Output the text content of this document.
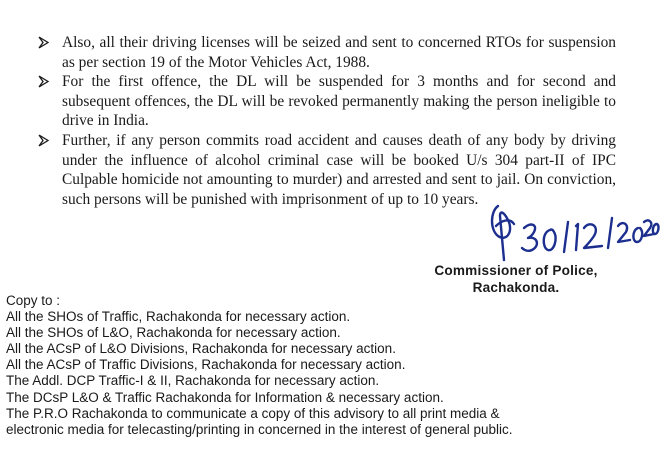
Also, all their driving licenses will be seized and sent to concerned RTOs for suspension as per section 19 of the Motor Vehicles Act, 1988.

For the first offence, the DL will be suspended for 3 months and for second and subsequent offences, the DL will be revoked permanently making the person ineligible to drive in India.

Further, if any person commits road accident and causes death of any body by driving under the influence of alcohol criminal case will be booked U/s 304 part-II of IPC Culpable homicide not amounting to murder) and arrested and sent to jail. On conviction, such persons will be punished with imprisonment of up to 10 years.

Commissioner of Police,
Rachakonda.
Copy to :
All the SHOs of Traffic, Rachakonda for necessary action.
All the SHOs of L&O, Rachakonda for necessary action.
All the ACsP of L&O Divisions, Rachakonda for necessary action.
All the ACsP of Traffic Divisions, Rachakonda for necessary action.
The Addl. DCP Traffic-I & II, Rachakonda for necessary action.
The DCsP L&O & Traffic Rachakonda for Information & necessary action.
The P.R.O Rachakonda to communicate a copy of this advisory to all print media &
electronic media for telecasting/printing in concerned in the interest of general public.
